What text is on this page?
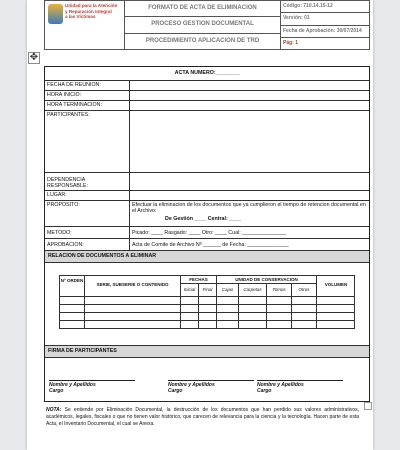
✥
Unidad para la Atención
y Reparación Integral
a las Víctimas
FORMATO DE ACTA DE ELIMINACION
PROCESO GESTION DOCUMENTAL
PROCEDIMIENTO APLICACION DE TRD
Código: 710.14.15-12
Versión: 01
Fecha de Aprobación: 30/07/2014
Pág: 1
ACTA NUMERO:________
FECHA DE REUNION:
HORA INICIO:
HORA TERMINACION:
PARTICIPANTES:
DEPENDENCIA RESPONSABLE:
LUGAR:
PROPOSITO:	Efectuar la eliminacion de los documentos que ya cumplieron el tiempo de retencion documental en el Archivo:
De Gestión ____ Central: ____
METODO:	Picado: ____ Rasgado: ____ Otro: ____ Cual: _______________
APROBACION:	Acta de Comite de Archivo Nº ______ de Fecha: ______________
RELACION DE DOCUMENTOS A ELIMINAR
Nº ORDEN
SERIE, SUBSERIE O CONTENIDO
FECHAS
Inicial	Final
UNIDAD DE CONSERVACION
Cajas	Carpetas	Tomos	Otros
VOLUMEN
FIRMA DE PARTICIPANTES
Nombre y Apellidos
Cargo
Nombre y Apellidos
Cargo
Nombre y Apellidos
Cargo
NOTA: Se entiende por Eliminación Documental, la destrucción de los documentos que han perdido sus valores administrativos, académicos, legales, fiscales o que no tienen valor histórico, que carecen de relevancia para la ciencia y la tecnología. Hacen parte de esta Acta, el Inventario Documental, el cual se Anexa.
